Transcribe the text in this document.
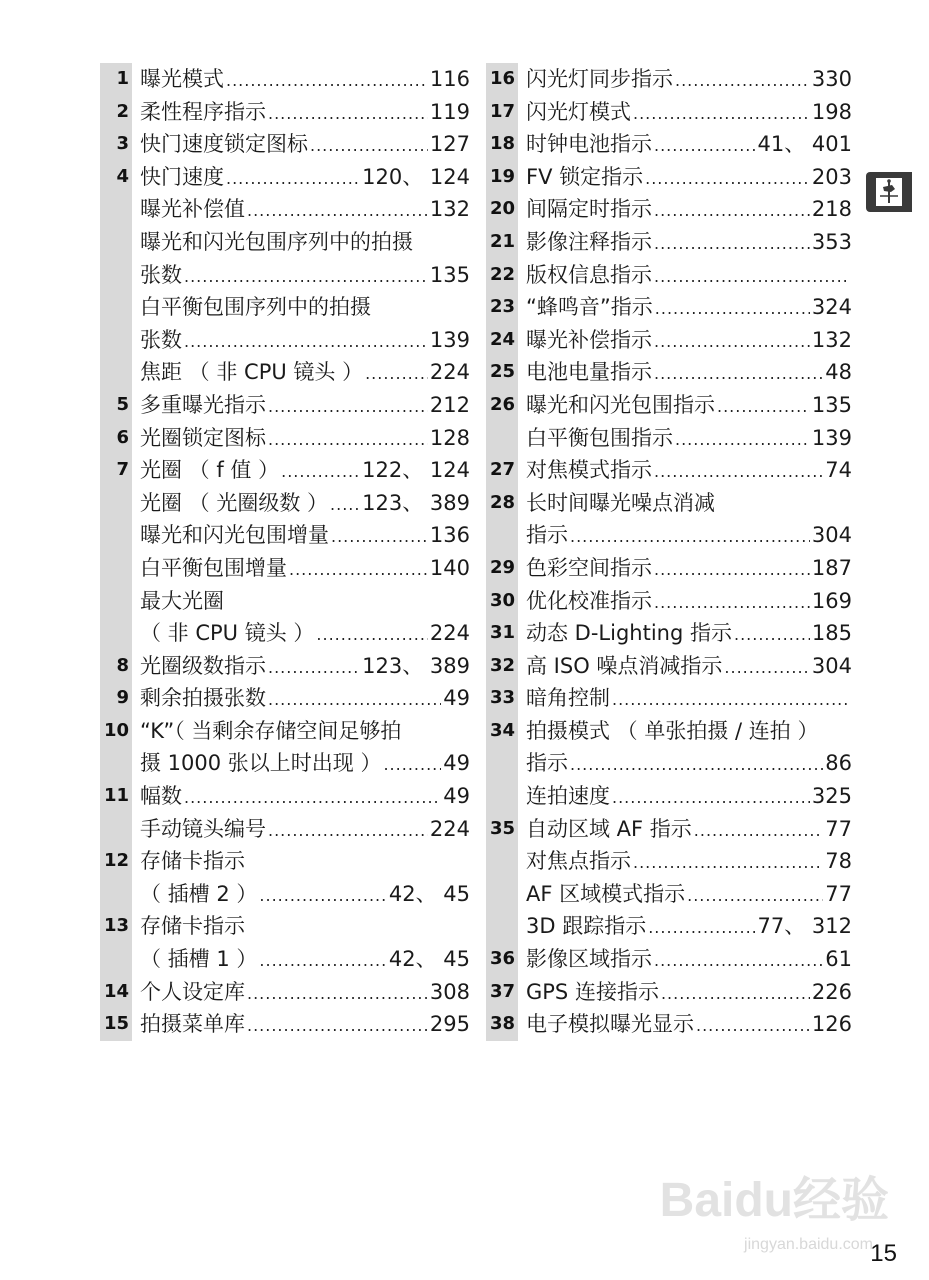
1 曝光模式 .....	116
2 柔性程序指示 .....	119
3 快门速度锁定图标 .....	127
4 快门速度 .....	120、 124
曝光补偿值 .....	132
曝光和闪光包围序列中的拍摄
张数 .....	135
白平衡包围序列中的拍摄
张数 .....	139
焦距 （ 非 CPU 镜头 ） .....	224
5 多重曝光指示 .....	212
6 光圈锁定图标 .....	128
7 光圈 （ f 值 ） .....	122、 124
光圈 （ 光圈级数 ） ..... 123、 389
曝光和闪光包围增量 .....	136
白平衡包围增量 .....	140
最大光圈
（ 非 CPU 镜头 ） .....	224
8 光圈级数指示 .....	123、 389
9 剩余拍摄张数 .....	49
10 “K”（ 当剩余存储空间足够拍
摄 1000 张以上时出现 ） .....	49
11 幅数 .....	49
手动镜头编号 .....	224
12 存储卡指示
（ 插槽 2 ） .....	42、 45
13 存储卡指示
（ 插槽 1 ） .....	42、 45
14 个人设定库 .....	308
15 拍摄菜单库 .....	295
16 闪光灯同步指示 .....	330
17 闪光灯模式 .....	198
18 时钟电池指示 .....	41、 401
19 FV 锁定指示 .....	203
20 间隔定时指示 .....	218
21 影像注释指示 .....	353
22 版权信息指示
.....
23 “蜂鸣音”指示 .....	324
24 曝光补偿指示 .....	132
25 电池电量指示 .....	48
26 曝光和闪光包围指示 .....	135
白平衡包围指示 .....	139
27 对焦模式指示 .....	74
28 长时间曝光噪点消减
指示 .....	304
29 色彩空间指示 .....	187
30 优化校准指示 .....	169
31 动态 D-Lighting 指示 .....	185
32 高 ISO 噪点消减指示 .....	304
33 暗角控制
.....
34 拍摄模式 （ 单张拍摄 / 连拍 ）
指示 .....	86
连拍速度 .....	325
35 自动区域 AF 指示 .....	77
对焦点指示 .....	78
AF 区域模式指示 .....	77
3D 跟踪指示 .....	77、 312
36 影像区域指示 .....	61
37 GPS 连接指示 .....	226
38 电子模拟曝光显示 .....	126
Baidu经验
jingyan.baidu.com
15
